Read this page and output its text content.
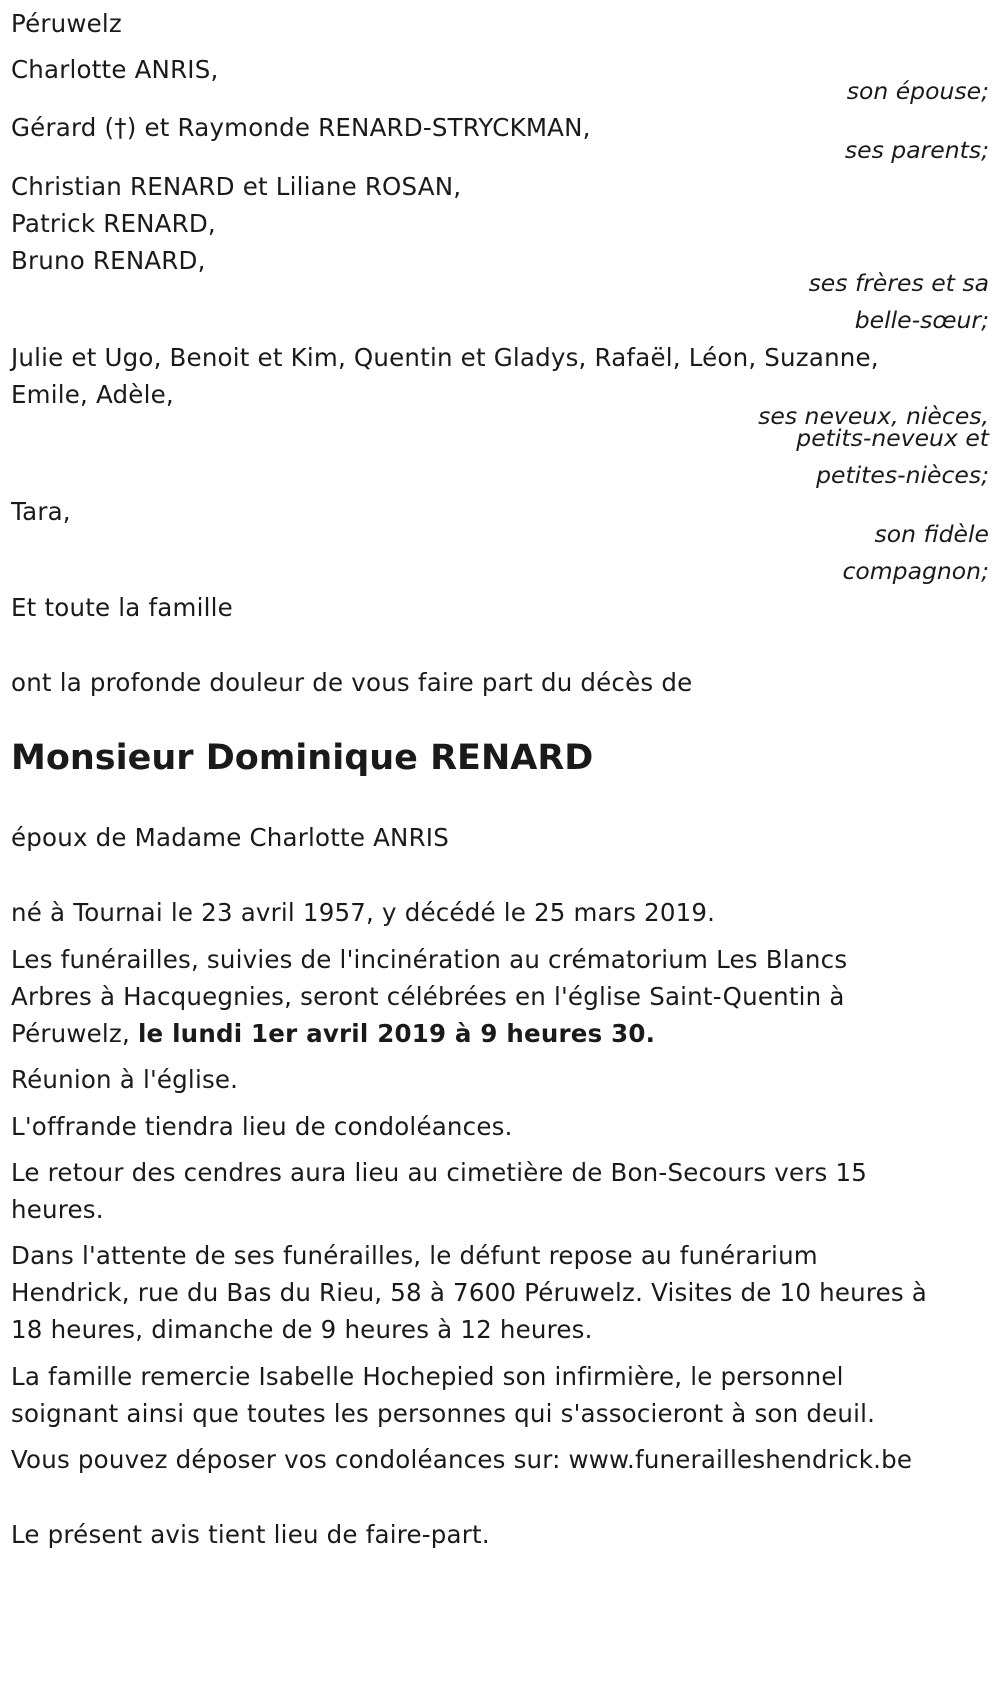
Péruwelz
Charlotte ANRIS,
son épouse;
Gérard (†) et Raymonde RENARD-STRYCKMAN,
ses parents;
Christian RENARD et Liliane ROSAN,
Patrick RENARD,
Bruno RENARD,
ses frères et sa
belle-sœur;
Julie et Ugo, Benoit et Kim, Quentin et Gladys, Rafaël, Léon, Suzanne,
Emile, Adèle,
ses neveux, nièces,
petits-neveux et
petites-nièces;
Tara,
son fidèle
compagnon;
Et toute la famille
ont la profonde douleur de vous faire part du décès de
Monsieur Dominique RENARD
époux de Madame Charlotte ANRIS
né à Tournai le 23 avril 1957, y décédé le 25 mars 2019.
Les funérailles, suivies de l'incinération au crématorium Les Blancs
Arbres à Hacquegnies, seront célébrées en l'église Saint-Quentin à
Péruwelz, le lundi 1er avril 2019 à 9 heures 30.
Réunion à l'église.
L'offrande tiendra lieu de condoléances.
Le retour des cendres aura lieu au cimetière de Bon-Secours vers 15
heures.
Dans l'attente de ses funérailles, le défunt repose au funérarium
Hendrick, rue du Bas du Rieu, 58 à 7600 Péruwelz. Visites de 10 heures à
18 heures, dimanche de 9 heures à 12 heures.
La famille remercie Isabelle Hochepied son infirmière, le personnel
soignant ainsi que toutes les personnes qui s'associeront à son deuil.
Vous pouvez déposer vos condoléances sur: www.funerailleshendrick.be
Le présent avis tient lieu de faire-part.
